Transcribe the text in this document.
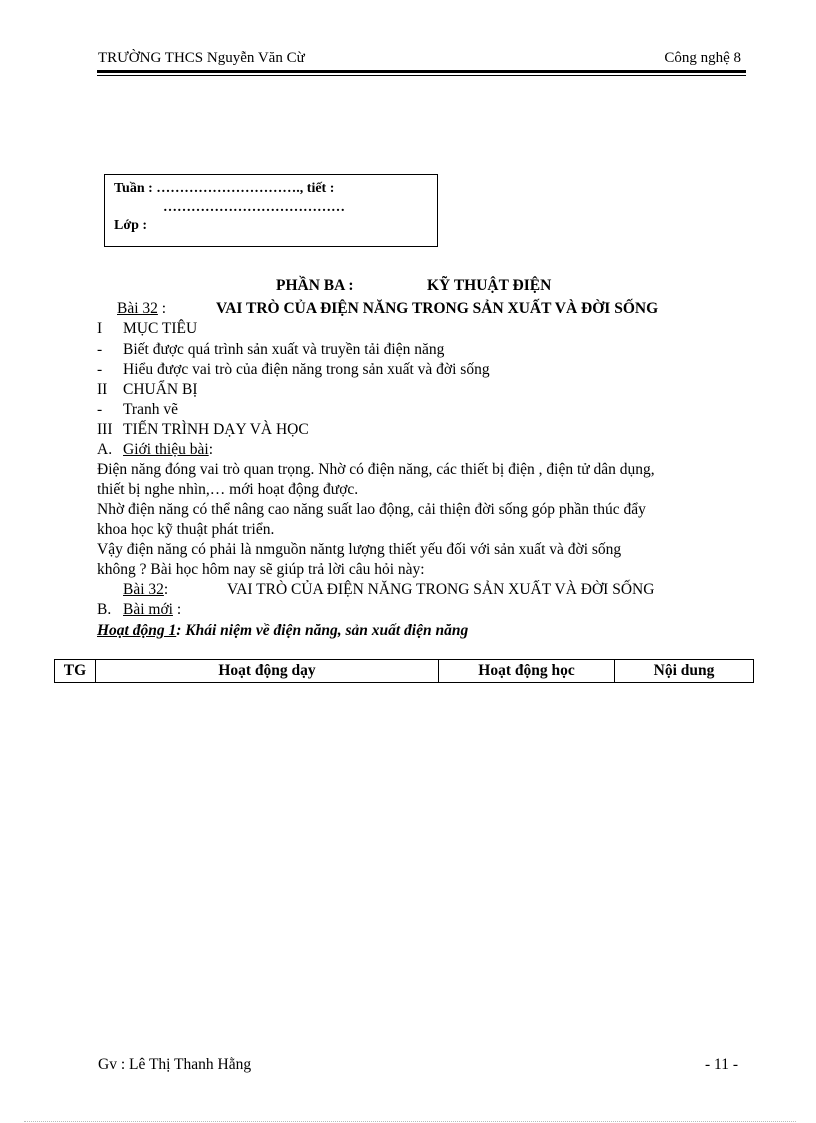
TRƯỜNG THCS Nguyễn Văn Cừ	Công nghệ 8
Tuần : …………………………., tiết :
…………………………………
Lớp :
PHẦN BA :	KỸ THUẬT ĐIỆN
Bài 32 :	VAI TRÒ CỦA ĐIỆN NĂNG TRONG SẢN XUẤT VÀ ĐỜI SỐNG
I MỤC TIÊU
- Biết được quá trình sản xuất và truyền tải điện năng
- Hiểu được vai trò của điện năng trong sản xuất và đời sống
II CHUẨN BỊ
- Tranh vẽ
III TIẾN TRÌNH DẠY VÀ HỌC
A. Giới thiệu bài:
Điện năng đóng vai trò quan trọng. Nhờ có điện năng, các thiết bị điện , điện tử dân dụng,
thiết bị nghe nhìn,… mới hoạt động được.
Nhờ điện năng có thể nâng cao năng suất lao động, cải thiện đời sống góp phần thúc đẩy
khoa học kỹ thuật phát triển.
Vậy điện năng có phải là nmguồn năntg lượng thiết yếu đối với sản xuất và đời sống
không ? Bài học hôm nay sẽ giúp trả lời câu hỏi này:
Bài 32:	VAI TRÒ CỦA ĐIỆN NĂNG TRONG SẢN XUẤT VÀ ĐỜI SỐNG
B. Bài mới :
Hoạt động 1: Khái niệm về điện năng, sản xuất điện năng
TG	Hoạt động dạy	Hoạt động học	Nội dung
Gv : Lê Thị Thanh Hằng	- 11 -
